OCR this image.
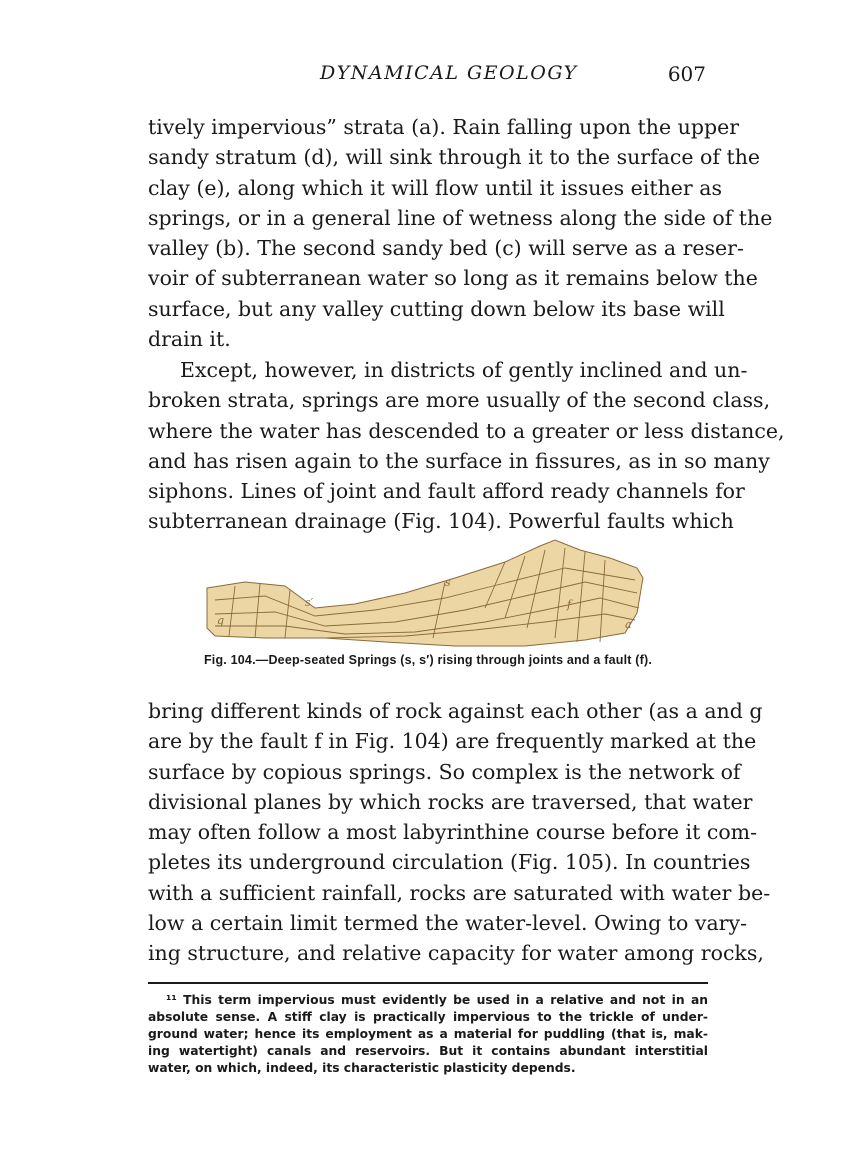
DYNAMICAL GEOLOGY	607
tively impervious” strata (a). Rain falling upon the upper
sandy stratum (d), will sink through it to the surface of the
clay (e), along which it will flow until it issues either as
springs, or in a general line of wetness along the side of the
valley (b). The second sandy bed (c) will serve as a reser-
voir of subterranean water so long as it remains below the
surface, but any valley cutting down below its base will
drain it.
Except, however, in districts of gently inclined and un-
broken strata, springs are more usually of the second class,
where the water has descended to a greater or less distance,
and has risen again to the surface in fissures, as in so many
siphons. Lines of joint and fault afford ready channels for
subterranean drainage (Fig. 104). Powerful faults which
s
s′	f
a
g
Fig. 104.—Deep-seated Springs (s, s′) rising through joints and a fault (f).
bring different kinds of rock against each other (as a and g
are by the fault f in Fig. 104) are frequently marked at the
surface by copious springs. So complex is the network of
divisional planes by which rocks are traversed, that water
may often follow a most labyrinthine course before it com-
pletes its underground circulation (Fig. 105). In countries
with a sufficient rainfall, rocks are saturated with water be-
low a certain limit termed the water-level. Owing to vary-
ing structure, and relative capacity for water among rocks,
¹¹ This term impervious must evidently be used in a relative and not in an
absolute sense. A stiff clay is practically impervious to the trickle of under-
ground water; hence its employment as a material for puddling (that is, mak-
ing watertight) canals and reservoirs. But it contains abundant interstitial
water, on which, indeed, its characteristic plasticity depends.
